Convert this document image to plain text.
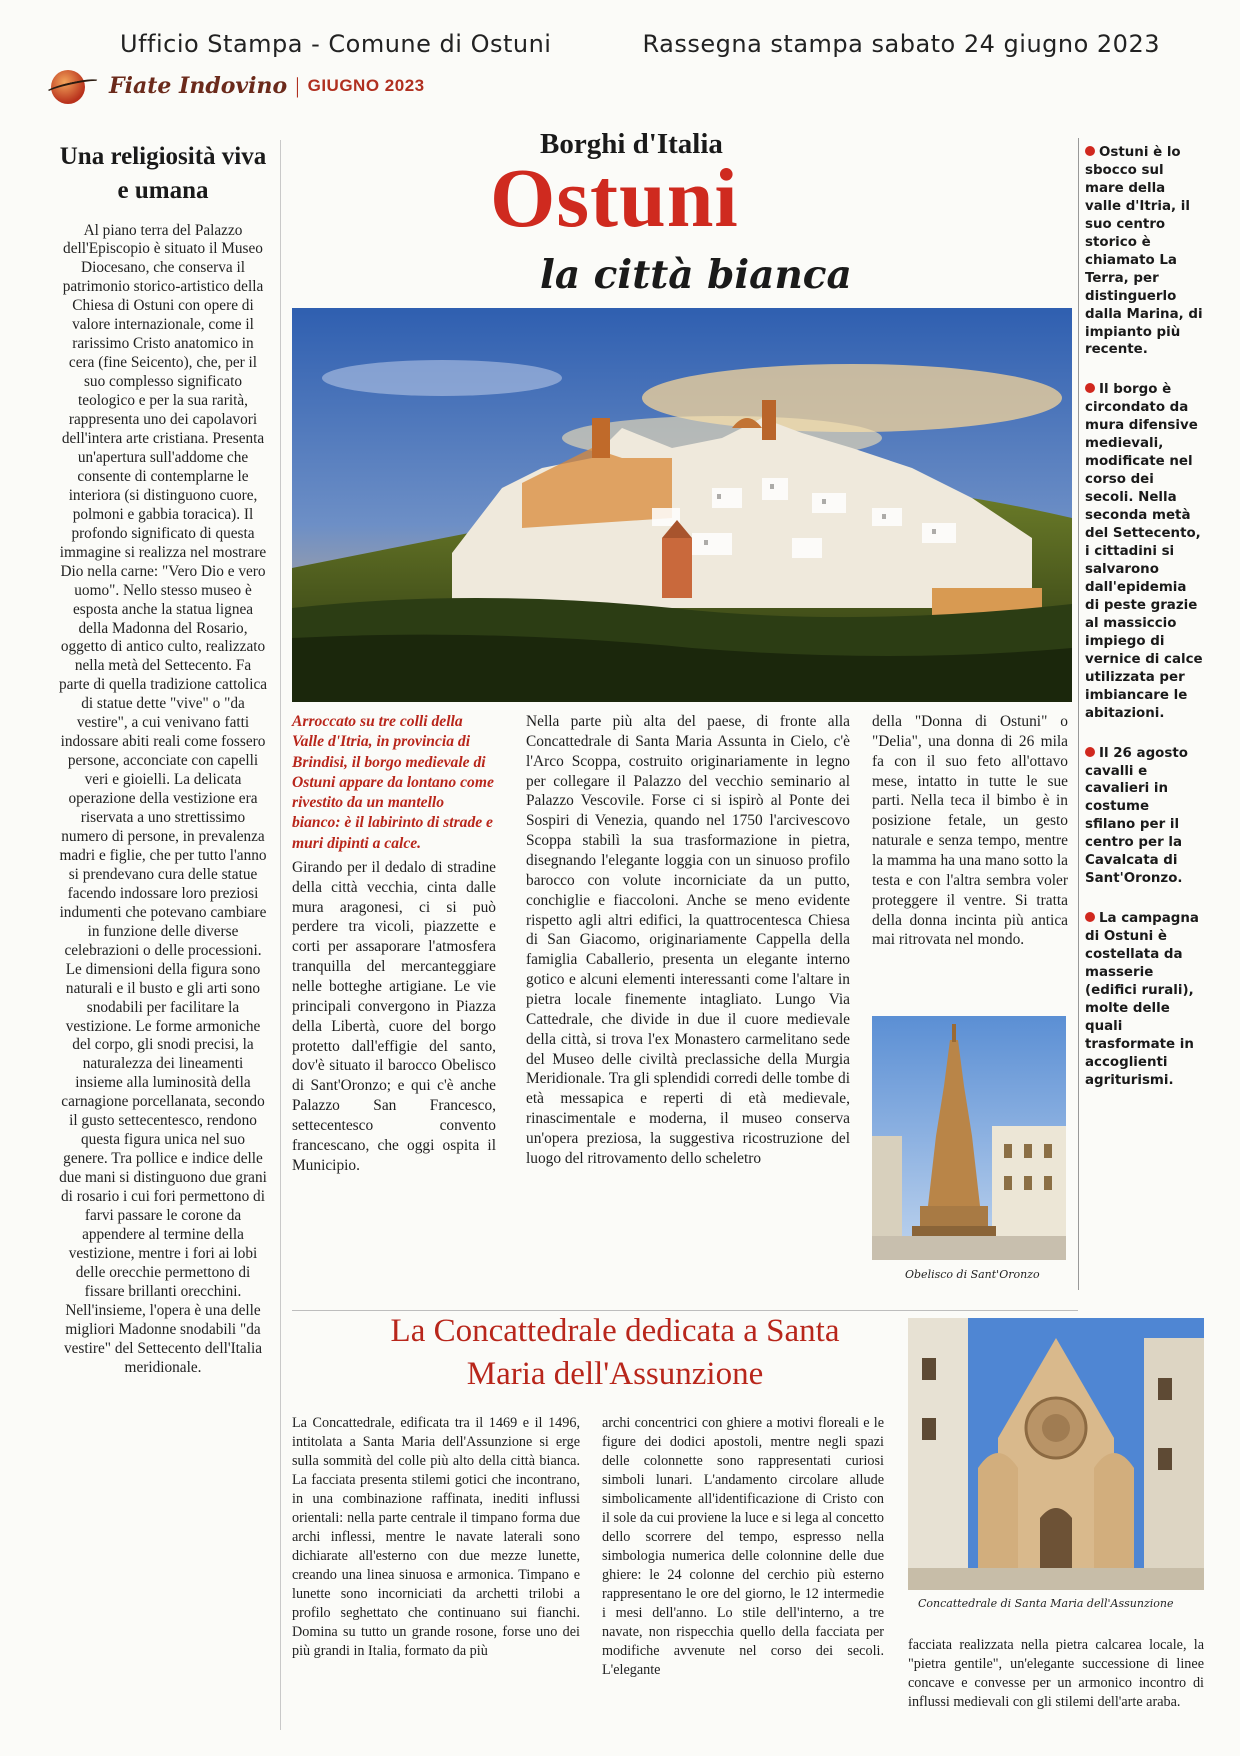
Ufficio Stampa - Comune di Ostuni	Rassegna stampa sabato 24 giugno 2023
Fiate Indovino | GIUGNO 2023
Una religiosità viva e umana

Al piano terra del Palazzo dell'Episcopio è situato il Museo Diocesano, che conserva il patrimonio storico-artistico della Chiesa di Ostuni con opere di valore internazionale, come il rarissimo Cristo anatomico in cera (fine Seicento), che, per il suo complesso significato teologico e per la sua rarità, rappresenta uno dei capolavori dell'intera arte cristiana. Presenta un'apertura sull'addome che consente di contemplarne le interiora (si distinguono cuore, polmoni e gabbia toracica). Il profondo significato di questa immagine si realizza nel mostrare Dio nella carne: "Vero Dio e vero uomo". Nello stesso museo è esposta anche la statua lignea della Madonna del Rosario, oggetto di antico culto, realizzato nella metà del Settecento. Fa parte di quella tradizione cattolica di statue dette "vive" o "da vestire", a cui venivano fatti indossare abiti reali come fossero persone, acconciate con capelli veri e gioielli. La delicata operazione della vestizione era riservata a uno strettissimo numero di persone, in prevalenza madri e figlie, che per tutto l'anno si prendevano cura delle statue facendo indossare loro preziosi indumenti che potevano cambiare in funzione delle diverse celebrazioni o delle processioni. Le dimensioni della figura sono naturali e il busto e gli arti sono snodabili per facilitare la vestizione. Le forme armoniche del corpo, gli snodi precisi, la naturalezza dei lineamenti insieme alla luminosità della carnagione porcellanata, secondo il gusto settecentesco, rendono questa figura unica nel suo genere. Tra pollice e indice delle due mani si distinguono due grani di rosario i cui fori permettono di farvi passare le corone da appendere al termine della vestizione, mentre i fori ai lobi delle orecchie permettono di fissare brillanti orecchini. Nell'insieme, l'opera è una delle migliori Madonne snodabili "da vestire" del Settecento dell'Italia meridionale.

Borghi d'Italia
Ostuni
la città bianca
Ostuni è lo sbocco sul mare della valle d'Itria, il suo centro storico è chiamato La Terra, per distinguerlo dalla Marina, di impianto più recente.
Il borgo è circondato da mura difensive medievali, modificate nel corso dei secoli. Nella seconda metà del Settecento, i cittadini si salvarono dall'epidemia di peste grazie al massiccio impiego di vernice di calce utilizzata per imbiancare le abitazioni.
Il 26 agosto cavalli e cavalieri in costume sfilano per il centro per la Cavalcata di Sant'Oronzo.
La campagna di Ostuni è costellata da masserie (edifici rurali), molte delle quali trasformate in accoglienti agriturismi.

Arroccato su tre colli della Valle d'Itria, in provincia di Brindisi, il borgo medievale di Ostuni appare da lontano come rivestito da un mantello bianco: è il labirinto di strade e muri dipinti a calce.

Girando per il dedalo di stradine della città vecchia, cinta dalle mura aragonesi, ci si può perdere tra vicoli, piazzette e corti per assaporare l'atmosfera tranquilla del mercanteggiare nelle botteghe artigiane. Le vie principali convergono in Piazza della Libertà, cuore del borgo protetto dall'effigie del santo, dov'è situato il barocco Obelisco di Sant'Oronzo; e qui c'è anche Palazzo San Francesco, settecentesco convento francescano, che oggi ospita il Municipio.

Nella parte più alta del paese, di fronte alla Concattedrale di Santa Maria Assunta in Cielo, c'è l'Arco Scoppa, costruito originariamente in legno per collegare il Palazzo del vecchio seminario al Palazzo Vescovile. Forse ci si ispirò al Ponte dei Sospiri di Venezia, quando nel 1750 l'arcivescovo Scoppa stabilì la sua trasformazione in pietra, disegnando l'elegante loggia con un sinuoso profilo barocco con volute incorniciate da un putto, conchiglie e fiaccoloni. Anche se meno evidente rispetto agli altri edifici, la quattrocentesca Chiesa di San Giacomo, originariamente Cappella della famiglia Caballerio, presenta un elegante interno gotico e alcuni elementi interessanti come l'altare in pietra locale finemente intagliato. Lungo Via Cattedrale, che divide in due il cuore medievale della città, si trova l'ex Monastero carmelitano sede del Museo delle civiltà preclassiche della Murgia Meridionale. Tra gli splendidi corredi delle tombe di età messapica e reperti di età medievale, rinascimentale e moderna, il museo conserva un'opera preziosa, la suggestiva ricostruzione del luogo del ritrovamento dello scheletro
della "Donna di Ostuni" o "Delia", una donna di 26 mila fa con il suo feto all'ottavo mese, intatto in tutte le sue parti. Nella teca il bimbo è in posizione fetale, un gesto naturale e senza tempo, mentre la mamma ha una mano sotto la testa e con l'altra sembra voler proteggere il ventre. Si tratta della donna incinta più antica mai ritrovata nel mondo.
Obelisco di Sant'Oronzo
La Concattedrale dedicata a Santa Maria dell'Assunzione
La Concattedrale, edificata tra il 1469 e il 1496, intitolata a Santa Maria dell'Assunzione si erge sulla sommità del colle più alto della città bianca. La facciata presenta stilemi gotici che incontrano, in una combinazione raffinata, inediti influssi orientali: nella parte centrale il timpano forma due archi inflessi, mentre le navate laterali sono dichiarate all'esterno con due mezze lunette, creando una linea sinuosa e armonica. Timpano e lunette sono incorniciati da archetti trilobi a profilo seghettato che continuano sui fianchi. Domina su tutto un grande rosone, forse uno dei più grandi in Italia, formato da più
archi concentrici con ghiere a motivi floreali e le figure dei dodici apostoli, mentre negli spazi delle colonnette sono rappresentati curiosi simboli lunari. L'andamento circolare allude simbolicamente all'identificazione di Cristo con il sole da cui proviene la luce e si lega al concetto dello scorrere del tempo, espresso nella simbologia numerica delle colonnine delle due ghiere: le 24 colonne del cerchio più esterno rappresentano le ore del giorno, le 12 intermedie i mesi dell'anno. Lo stile dell'interno, a tre navate, non rispecchia quello della facciata per modifiche avvenute nel corso dei secoli. L'elegante
Concattedrale di Santa Maria dell'Assunzione
facciata realizzata nella pietra calcarea locale, la "pietra gentile", un'elegante successione di linee concave e convesse per un armonico incontro di influssi medievali con gli stilemi dell'arte araba.
